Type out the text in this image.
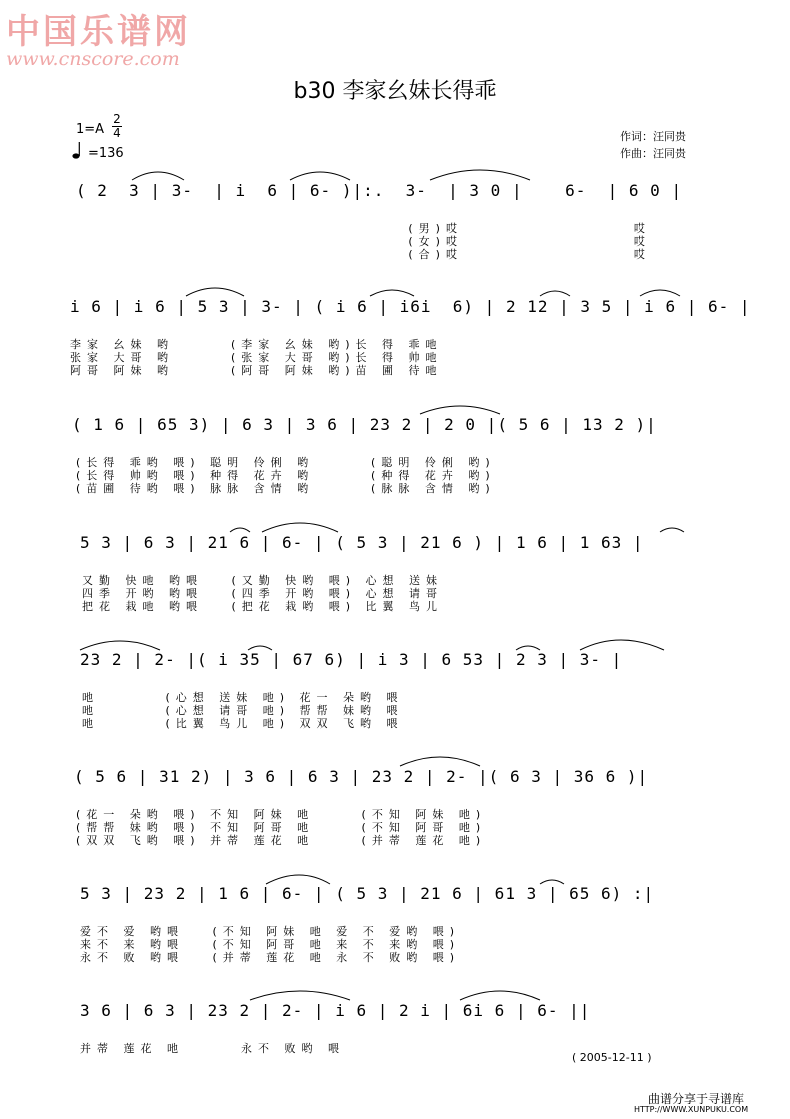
中国乐谱网
www.cnscore.com
b30 李家幺妹长得乖
1=A
2
4
=136
作词：汪同贵
作曲：汪同贵
( 2  3 | 3-  | i  6 | 6- )|:.  3-  | 3 0 |    6-  | 6 0 |
(男)哎                  哎
(女)哎                  哎
(合)哎                  哎
i 6 | i 6 | 5 3 | 3- | ( i 6 | i6i  6) | 2 12 | 3 5 | i 6 | 6- |
李家 幺妹 哟      (李家 幺妹 哟)长 得 乖吔
张家 大哥 哟      (张家 大哥 哟)长 得 帅吔
阿哥 阿妹 哟      (阿哥 阿妹 哟)苗 圃 待吔
( 1 6 | 65 3) | 6 3 | 3 6 | 23 2 | 2 0 |( 5 6 | 13 2 )|
(长得 乖哟 喂) 聪明 伶俐 哟      (聪明 伶俐 哟)
(长得 帅哟 喂) 种得 花卉 哟      (种得 花卉 哟)
(苗圃 待哟 喂) 脉脉 含情 哟      (脉脉 含情 哟)
5 3 | 6 3 | 21 6 | 6- | ( 5 3 | 21 6 ) | 1 6 | 1 63 |
又勤 快吔 哟喂   (又勤 快哟 喂) 心想 送妹
四季 开哟 哟喂   (四季 开哟 喂) 心想 请哥
把花 栽吔 哟喂   (把花 栽哟 喂) 比翼 鸟儿
23 2 | 2- |( i 35 | 67 6) | i 3 | 6 53 | 2 3 | 3- |
吔       (心想 送妹 吔) 花一 朵哟 喂
吔       (心想 请哥 吔) 帮帮 妹哟 喂
吔       (比翼 鸟儿 吔) 双双 飞哟 喂
( 5 6 | 31 2) | 3 6 | 6 3 | 23 2 | 2- |( 6 3 | 36 6 )|
(花一 朵哟 喂) 不知 阿妹 吔     (不知 阿妹 吔)
(帮帮 妹哟 喂) 不知 阿哥 吔     (不知 阿哥 吔)
(双双 飞哟 喂) 并蒂 莲花 吔     (并蒂 莲花 吔)
5 3 | 23 2 | 1 6 | 6- | ( 5 3 | 21 6 | 61 3 | 65 6) :|
爱不 爱 哟喂   (不知 阿妹 吔 爱 不 爱哟 喂)
来不 来 哟喂   (不知 阿哥 吔 来 不 来哟 喂)
永不 败 哟喂   (并蒂 莲花 吔 永 不 败哟 喂)
3 6 | 6 3 | 23 2 | 2- | i 6 | 2 i | 6i 6 | 6- ||
并蒂 莲花 吔      永不 败哟 喂
( 2005-12-11 )
曲谱分享于寻谱库
HTTP://WWW.XUNPUKU.COM
